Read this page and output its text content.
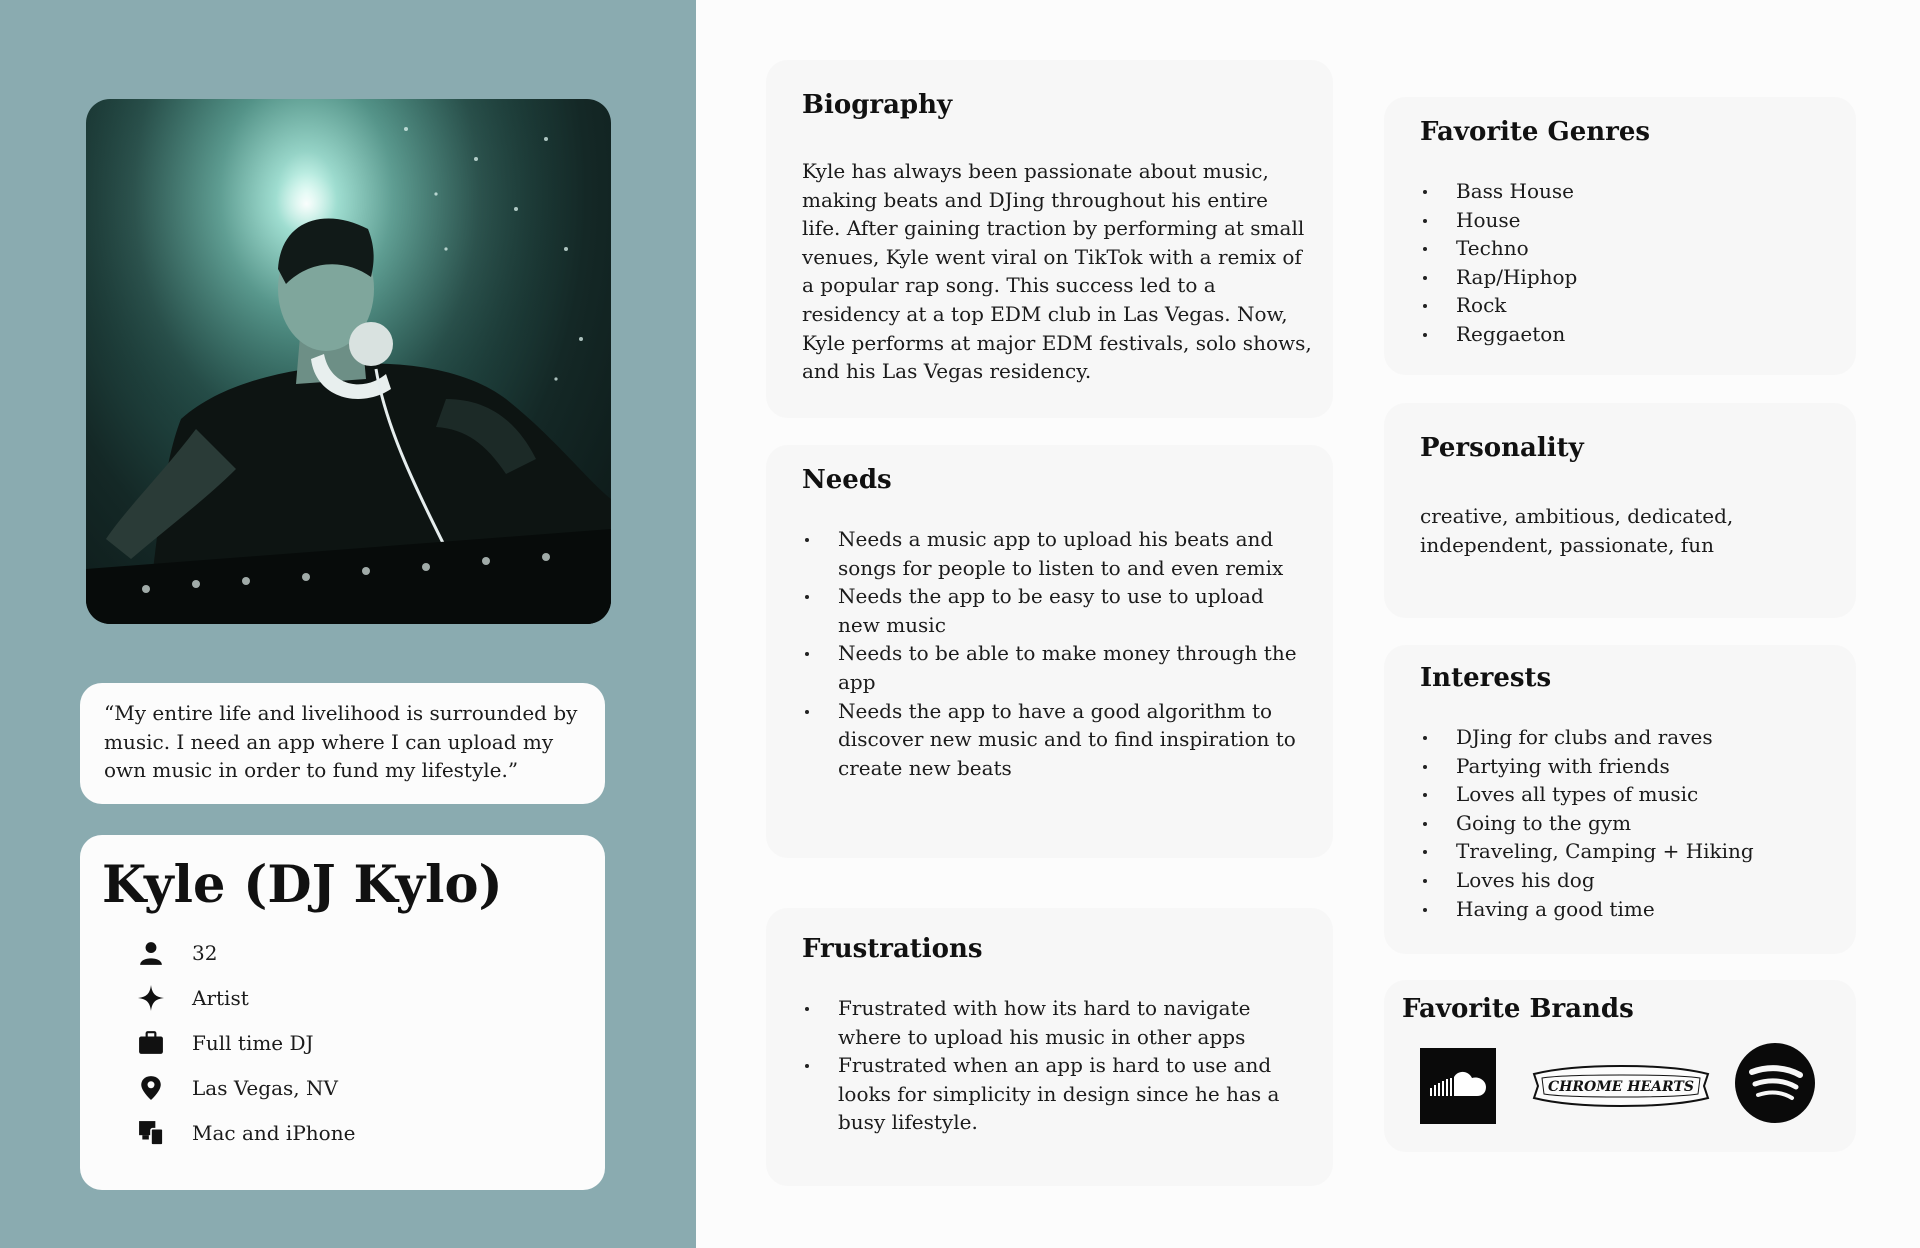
“My entire life and livelihood is surrounded by music. I need an app where I can upload my own music in order to fund my lifestyle.”

Kyle (DJ Kylo)
32
Artist
Full time DJ
Las Vegas, NV
Mac and iPhone
Biography

Kyle has always been passionate about music, making beats and DJing throughout his entire life. After gaining traction by performing at small venues, Kyle went viral on TikTok with a remix of a popular rap song. This success led to a residency at a top EDM club in Las Vegas. Now, Kyle performs at major EDM festivals, solo shows, and his Las Vegas residency.

Needs
Needs a music app to upload his beats and songs for people to listen to and even remix
Needs the app to be easy to use to upload new music
Needs to be able to make money through the app
Needs the app to have a good algorithm to discover new music and to find inspiration to create new beats
Frustrations
Frustrated with how its hard to navigate where to upload his music in other apps
Frustrated when an app is hard to use and looks for simplicity in design since he has a busy lifestyle.
Favorite Genres
Bass House
House
Techno
Rap/Hiphop
Rock
Reggaeton
Personality

creative, ambitious, dedicated, independent, passionate, fun

Interests
DJing for clubs and raves
Partying with friends
Loves all types of music
Going to the gym
Traveling, Camping + Hiking
Loves his dog
Having a good time
Favorite Brands
CHROME HEARTS
